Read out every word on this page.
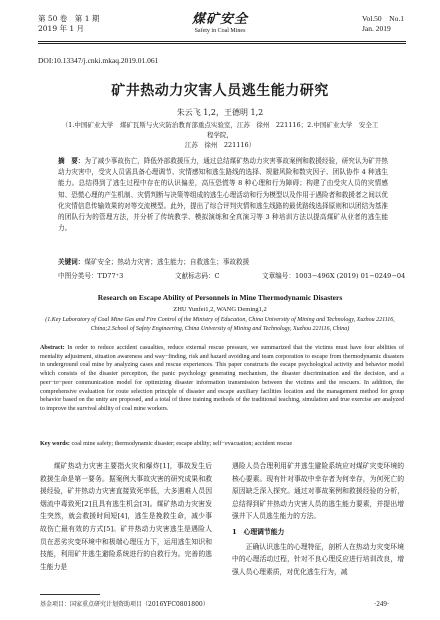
第 50 卷　第 1 期
2019 年 1 月
煤矿安全
Safety in Coal Mines
Vol.50　No.1
Jan. 2019
DOI:10.13347/j.cnki.mkaq.2019.01.061
矿井热动力灾害人员逃生能力研究
朱云飞 1,2，王德明 1,2
（1.中国矿业大学　煤矿瓦斯与火灾防治教育部重点实验室，江苏　徐州　221116；2.中国矿业大学　安全工程学院，
江苏　徐州　221116）
摘　要：为了减少事故伤亡，降低外部救援压力，通过总结煤矿热动力灾害事故案例和救援经验，研究认为矿井热动力灾害中，受灾人员需具备心理调节、灾情感知和逃生路线的选择、规避风险和数灾因子、团队协作 4 种逃生能力。总结得到了逃生过程中存在的认识偏差，高压恐慌等 8 种心理和行为障碍；构建了由受灾人员的灾情感知、恐慌心理的产生机制、灾情判断与决策等组成的逃生心理活动和行为模型以及作用于遇险者和救援者之间以优化灾情信息传输效果的对等交流模型。此外，提出了综合评判灾情和逃生线路的最优路线选择原则和以团结为基准的团队行为的管理方法，并分析了传统教学、模拟演练和全真演习等 3 种培训方法以提高煤矿从业者的逃生能力。
关键词：煤矿安全；热动力灾害；逃生能力；自救逃生；事故救援
中图分类号：TD77⁺3	文献标志码：C	文章编号：1003−496X (2019) 01−0249−04
Research on Escape Ability of Personnels in Mine Thermodynamic Disasters
ZHU Yunfei1,2, WANG Deming1,2
(1.Key Laboratory of Coal Mine Gas and Fire Control of the Ministry of Education, China University of Mining and Technology, Xuzhou 221116, China;2.School of Safety Engineering, China University of Mining and Technology, Xuzhou 221116, China)
Abstract: In order to reduce accident casualties, reduce external rescue pressure, we summarized that the victims must have four abilities of mentality adjustment, situation awareness and way−finding, risk and hazard avoiding and team corporation to escape from thermodynamic disasters in underground coal mine by analyzing cases and rescue experiences. This paper constructs the escape psychological activity and behavior model which consists of the disaster perception, the panic psychology generating mechanism, the disaster discrimination and the decision, and a peer−to−peer communication model for optimizing disaster information transmission between the victims and the rescuers. In addition, the comprehensive evaluation for route selection principle of disaster and escape auxiliary facilities location and the management method for group behavior based on the unity are proposed, and a total of three training methods of the traditional teaching, simulation and true exercise are analyzed to improve the survival ability of coal mine workers.
Key words: coal mine safety; thermodynamic disaster; escape ability; self−evacuation; accident rescue
煤矿热动力灾害主要指火灾和爆炸[1]，事故发生后救援生命是第一要务。据案例大事故灾害的研究成果和救援经验，矿井热动力灾害直接致死率低，大多遇难人员因烟流中毒致死[2]且具有逃生机会[3]。煤矿热动力灾害发生突然，就会救援时间短[4]，逃生是挽救生命，减少事故伤亡最有效的方式[5]。矿井热动力灾害逃生是遇险人员在恶劣灾变环境中和极端心理压力下，运用逃生知识和技能，利用矿井逃生避险系统进行的自救行为。完善的逃生能力是
遇险人员合理利用矿井逃生避险系统应对煤矿灾变环境的核心要素。现有针对事故中幸存者为何幸存，为何死亡的原因缺乏深入探究。通过对事故案例和救援经验的分析，总结得到矿井热动力灾害人员的逃生能力要素，并提出增强井下人员逃生能力的方法。
1　心理调节能力
正确认识逃生的心理特征，剖析人在热动力灾变环境中的心理活动过程，针对不良心理反应进行培训改良，增强人员心理素质，对优化逃生行为，减
基金项目：国家重点研究计划资助项目（2016YFC0801800）	·249·
